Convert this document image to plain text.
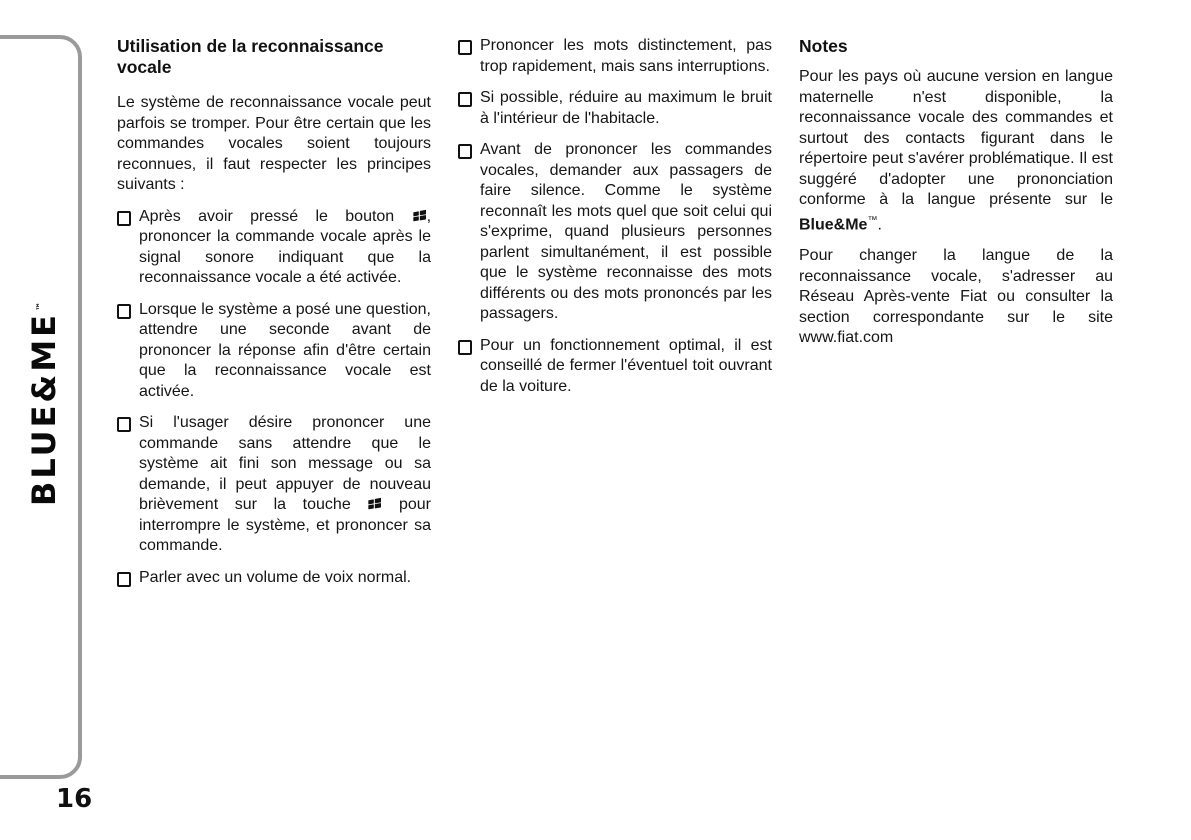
BLUE&ME™
16
Utilisation de la reconnaissance vocale

Le système de reconnaissance vocale peut parfois se tromper. Pour être certain que les commandes vocales soient toujours reconnues, il faut respecter les principes suivants :

Après avoir pressé le bouton , prononcer la commande vocale après le signal sonore indiquant que la reconnaissance vocale a été activée.

Lorsque le système a posé une question, attendre une seconde avant de prononcer la réponse afin d'être certain que la reconnaissance vocale est activée.

Si l'usager désire prononcer une commande sans attendre que le système ait fini son message ou sa demande, il peut appuyer de nouveau brièvement sur la touche	pour interrompre le système, et prononcer sa commande.

Parler avec un volume de voix normal.

Prononcer les mots distinctement, pas trop rapidement, mais sans interruptions.

Si possible, réduire au maximum le bruit à l'intérieur de l'habitacle.

Avant de prononcer les commandes vocales, demander aux passagers de faire silence. Comme le système reconnaît les mots quel que soit celui qui s'exprime, quand plusieurs personnes parlent simultanément, il est possible que le système reconnaisse des mots différents ou des mots prononcés par les passagers.

Pour un fonctionnement optimal, il est conseillé de fermer l'éventuel toit ouvrant de la voiture.

Notes

Pour les pays où aucune version en langue maternelle n'est disponible, la reconnaissance vocale des commandes et surtout des contacts figurant dans le répertoire peut s'avérer problématique. Il est suggéré d'adopter une prononciation conforme à la langue présente sur le Blue&Me™.

Pour changer la langue de la reconnaissance vocale, s'adresser au Réseau Après-vente Fiat ou consulter la section correspondante sur le site www.fiat.com
